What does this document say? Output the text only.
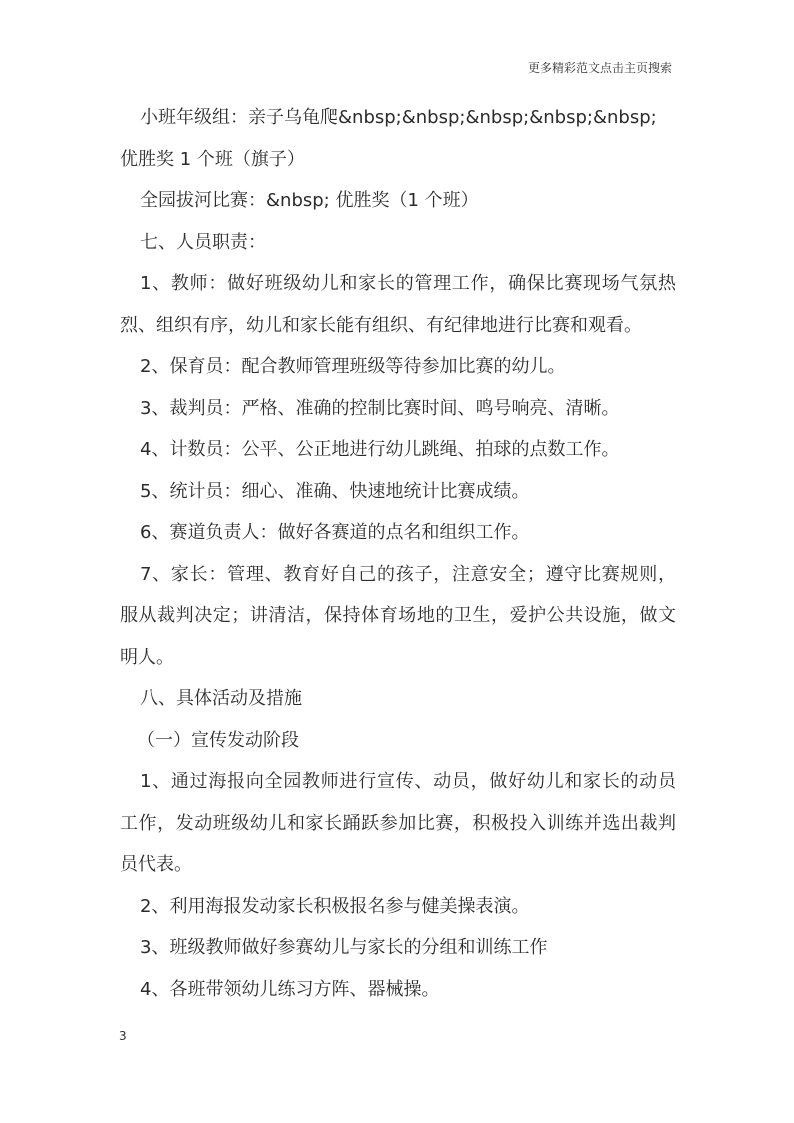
更多精彩范文点击主页搜索
小班年级组：亲子乌龟爬&nbsp;&nbsp;&nbsp;&nbsp;&nbsp;
优胜奖 1 个班（旗子）
全园拔河比赛：&nbsp; 优胜奖（1 个班）
七、人员职责：
1、教师：做好班级幼儿和家长的管理工作，确保比赛现场气氛热
烈、组织有序，幼儿和家长能有组织、有纪律地进行比赛和观看。
2、保育员：配合教师管理班级等待参加比赛的幼儿。
3、裁判员：严格、准确的控制比赛时间、鸣号响亮、清晰。
4、计数员：公平、公正地进行幼儿跳绳、拍球的点数工作。
5、统计员：细心、准确、快速地统计比赛成绩。
6、赛道负责人：做好各赛道的点名和组织工作。
7、家长：管理、教育好自己的孩子，注意安全；遵守比赛规则，
服从裁判决定；讲清洁，保持体育场地的卫生，爱护公共设施，做文
明人。
八、具体活动及措施
（一）宣传发动阶段
1、通过海报向全园教师进行宣传、动员，做好幼儿和家长的动员
工作，发动班级幼儿和家长踊跃参加比赛，积极投入训练并选出裁判
员代表。
2、利用海报发动家长积极报名参与健美操表演。
3、班级教师做好参赛幼儿与家长的分组和训练工作
4、各班带领幼儿练习方阵、器械操。
3
